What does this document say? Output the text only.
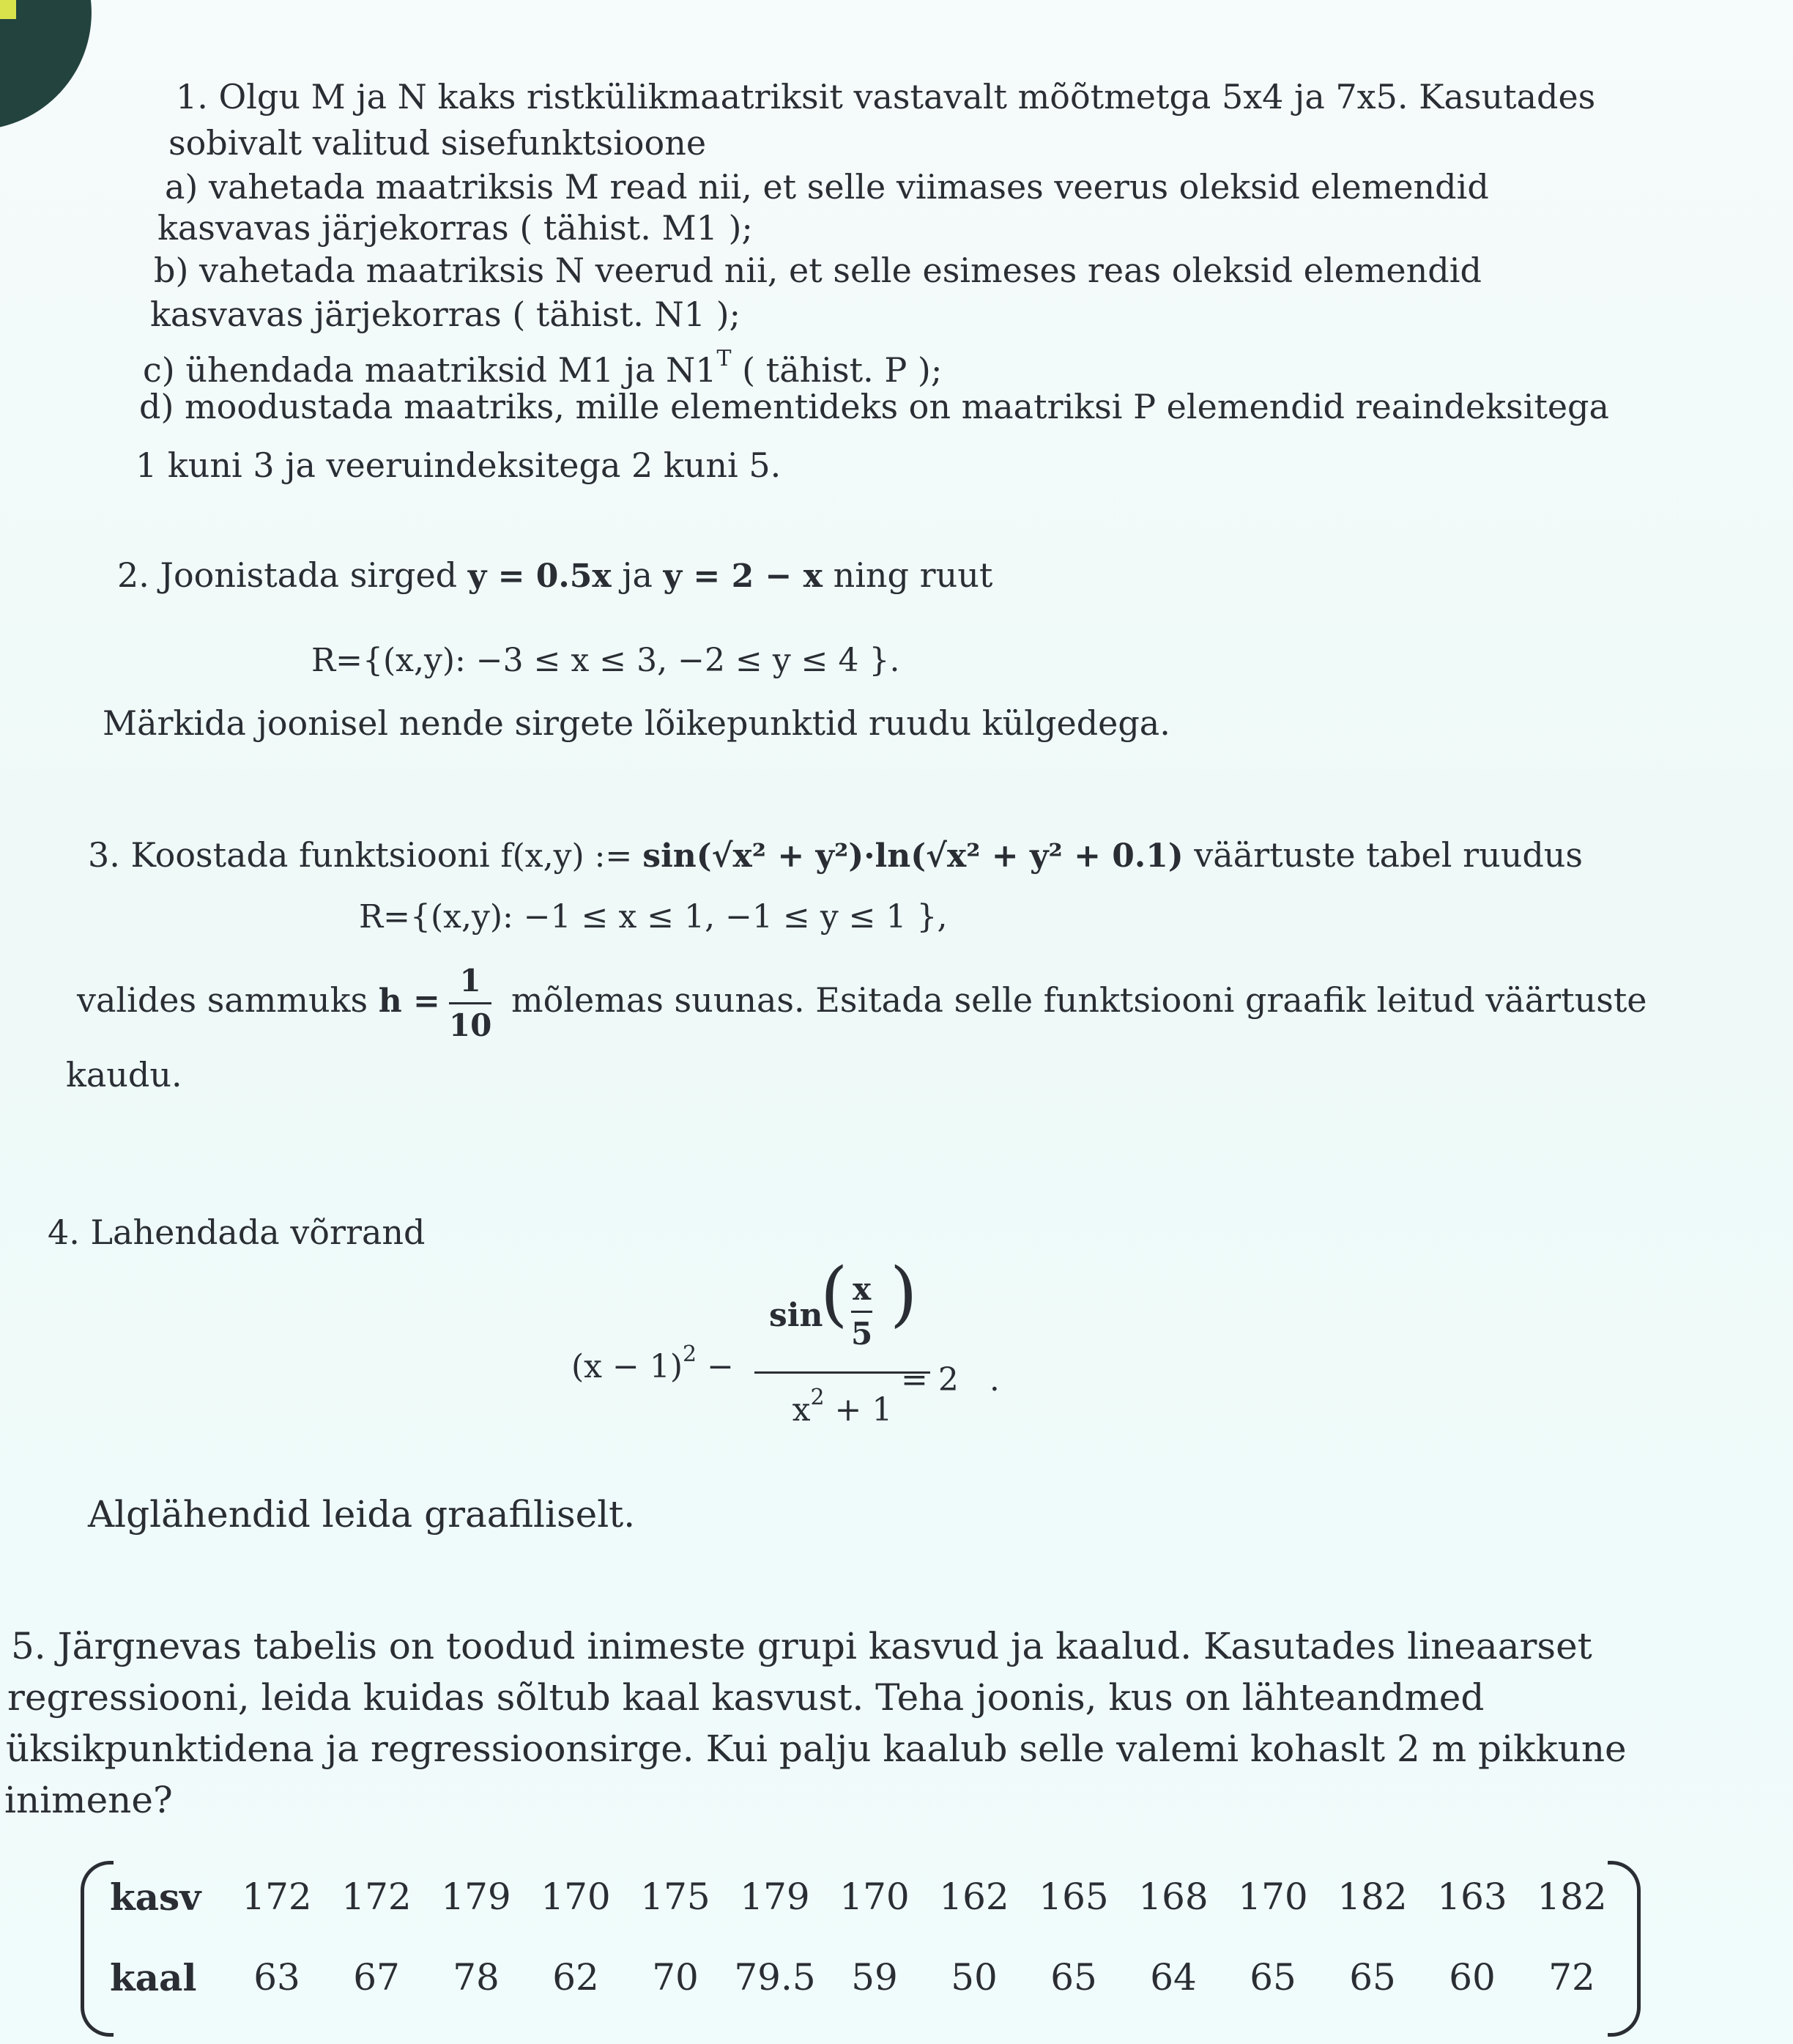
1. Olgu M ja N kaks ristkülikmaatriksit vastavalt mõõtmetga 5x4 ja 7x5. Kasutades
sobivalt valitud sisefunktsioone
a) vahetada maatriksis M read nii, et selle viimases veerus oleksid elemendid
kasvavas järjekorras ( tähist. M1 );
b) vahetada maatriksis N veerud nii, et selle esimeses reas oleksid elemendid
kasvavas järjekorras ( tähist. N1 );
c) ühendada maatriksid M1 ja $N1^T$ ( tähist. P );
d) moodustada maatriks, mille elementideks on maatriksi P elemendid reaindeksitega
1 kuni 3 ja veeruindeksitega 2 kuni 5.
2. Joonistada sirged y = 0.5x ja y = 2 − x ning ruut
R={(x,y): −3 ≤ x ≤ 3, −2 ≤ y ≤ 4 }.
Märkida joonisel nende sirgete lõikepunktid ruudu külgedega.
3. Koostada funktsiooni f(x,y) := sin(√x² + y²)·ln(√x² + y² + 0.1) väärtuste tabel ruudus
R={(x,y): −1 ≤ x ≤ 1, −1 ≤ y ≤ 1 },
valides sammuks $h = \frac{1}{10}$ mõlemas suunas. Esitada selle funktsiooni graafik leitud väärtuste
kaudu.
4. Lahendada võrrand
$(x - 1)^2$ −
sin
( x
5 )
$x^2 + 1$
= 2 .
Alglähendid leida graafiliselt.
5. Järgnevas tabelis on toodud inimeste grupi kasvud ja kaalud. Kasutades lineaarset
regressiooni, leida kuidas sõltub kaal kasvust. Teha joonis, kus on lähteandmed
üksikpunktidena ja regressioonsirge. Kui palju kaalub selle valemi kohaslt 2 m pikkune
inimene?
kasv	172 172 179 170 175 179 170 162 165 168 170 182 163 182
kaal	63	67	78	62	70 79.5 59	50	65	64	65	65	60	72
